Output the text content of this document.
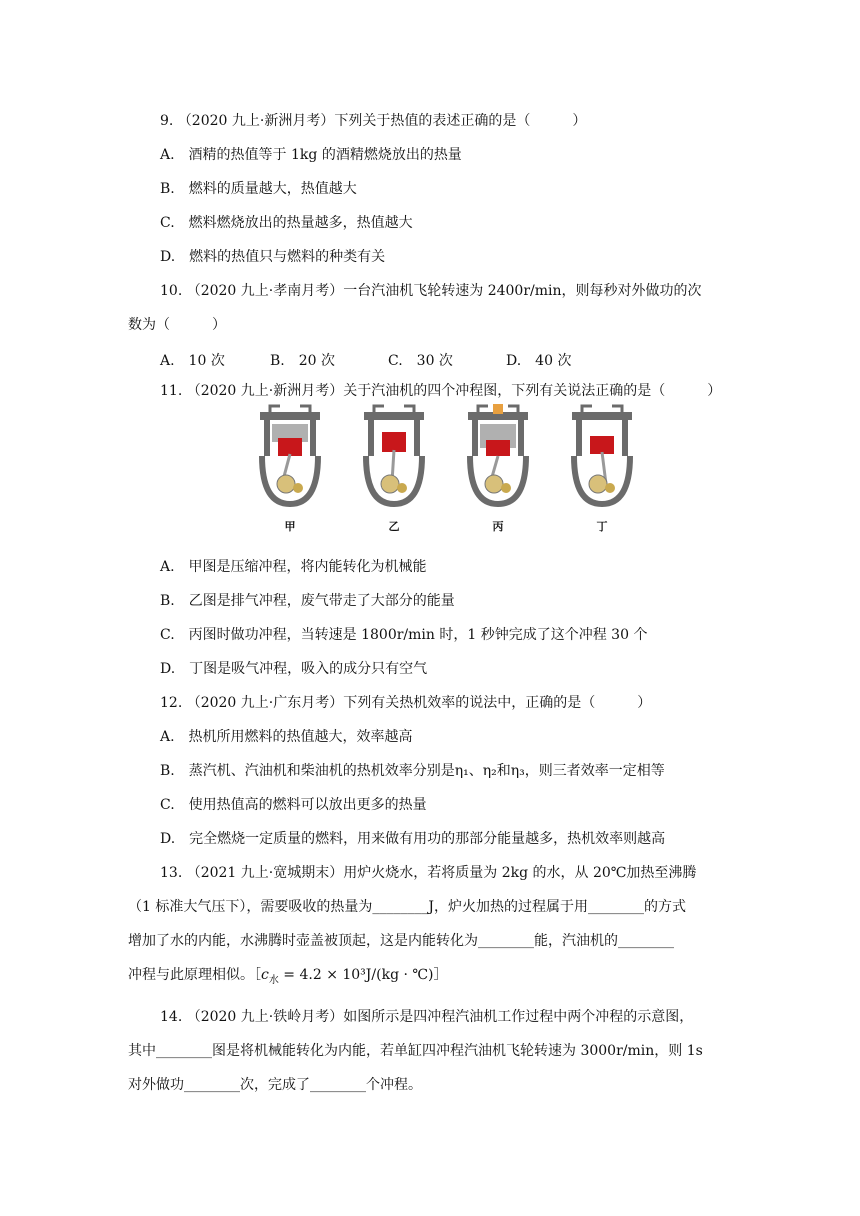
9. （2020 九上·新洲月考）下列关于热值的表述正确的是（　　　）
A.　酒精的热值等于 1kg 的酒精燃烧放出的热量
B.　燃料的质量越大，热值越大
C.　燃料燃烧放出的热量越多，热值越大
D.　燃料的热值只与燃料的种类有关
10. （2020 九上·孝南月考）一台汽油机飞轮转速为 2400r/min，则每秒对外做功的次
数为（　　　）
A.　10 次	B.　20 次	C.　30 次	D.　40 次
11. （2020 九上·新洲月考）关于汽油机的四个冲程图，下列有关说法正确的是（　　　）
甲	乙	丙	丁
A.　甲图是压缩冲程，将内能转化为机械能
B.　乙图是排气冲程，废气带走了大部分的能量
C.　丙图时做功冲程，当转速是 1800r/min 时，1 秒钟完成了这个冲程 30 个
D.　丁图是吸气冲程，吸入的成分只有空气
12. （2020 九上·广东月考）下列有关热机效率的说法中，正确的是（　　　）
A.　热机所用燃料的热值越大，效率越高
B.　蒸汽机、汽油机和柴油机的热机效率分别是η₁、η₂和η₃，则三者效率一定相等
C.　使用热值高的燃料可以放出更多的热量
D.　完全燃烧一定质量的燃料，用来做有用功的那部分能量越多，热机效率则越高
13. （2021 九上·宽城期末）用炉火烧水，若将质量为 2kg 的水，从 20℃加热至沸腾
（1 标准大气压下），需要吸收的热量为________J，炉火加热的过程属于用________的方式
增加了水的内能，水沸腾时壶盖被顶起，这是内能转化为________能，汽油机的________
冲程与此原理相似。$[c_水 = 4.2 \times 10^3J/(kg$ · ℃)］
14. （2020 九上·铁岭月考）如图所示是四冲程汽油机工作过程中两个冲程的示意图，
其中________图是将机械能转化为内能，若单缸四冲程汽油机飞轮转速为 3000r/min，则 1s
对外做功________次，完成了________个冲程。
